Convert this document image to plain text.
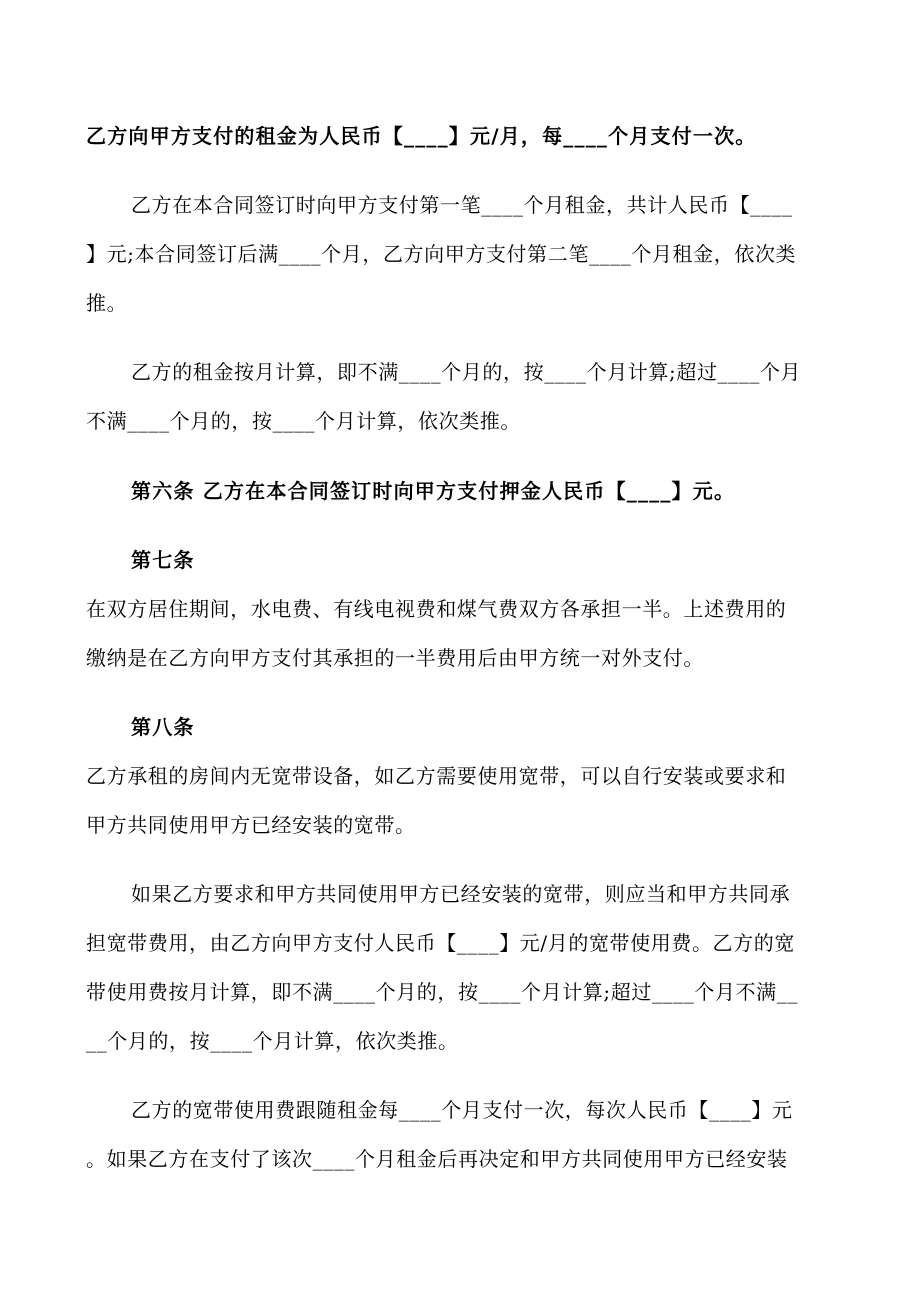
乙方向甲方支付的租金为人民币【____】元/月，每____个月支付一次。
乙方在本合同签订时向甲方支付第一笔____个月租金，共计人民币【____
】元;本合同签订后满____个月，乙方向甲方支付第二笔____个月租金，依次类
推。
乙方的租金按月计算，即不满____个月的，按____个月计算;超过____个月
不满____个月的，按____个月计算，依次类推。
第六条 乙方在本合同签订时向甲方支付押金人民币【____】元。
第七条
在双方居住期间，水电费、有线电视费和煤气费双方各承担一半。上述费用的
缴纳是在乙方向甲方支付其承担的一半费用后由甲方统一对外支付。
第八条
乙方承租的房间内无宽带设备，如乙方需要使用宽带，可以自行安装或要求和
甲方共同使用甲方已经安装的宽带。
如果乙方要求和甲方共同使用甲方已经安装的宽带，则应当和甲方共同承
担宽带费用，由乙方向甲方支付人民币【____】元/月的宽带使用费。乙方的宽
带使用费按月计算，即不满____个月的，按____个月计算;超过____个月不满__
__个月的，按____个月计算，依次类推。
乙方的宽带使用费跟随租金每____个月支付一次，每次人民币【____】元
。如果乙方在支付了该次____个月租金后再决定和甲方共同使用甲方已经安装
